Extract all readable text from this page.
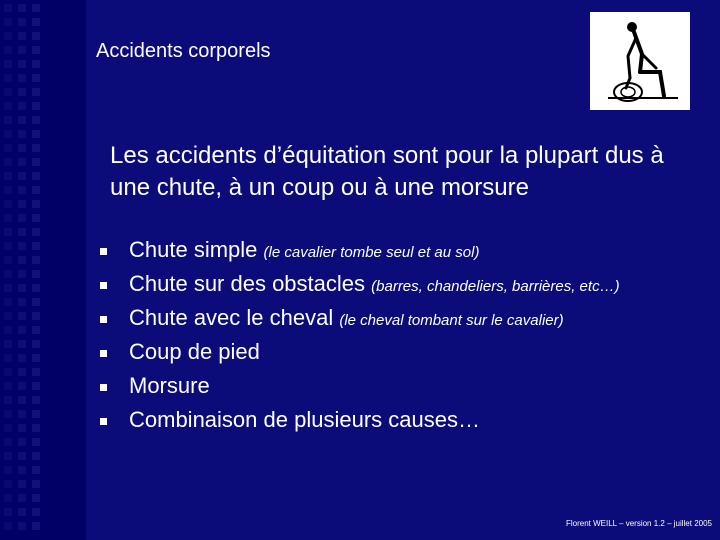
Accidents corporels

Les accidents d’équitation sont pour la plupart dus à une chute, à un coup ou à une morsure

Chute simple (le cavalier tombe seul et au sol)
Chute sur des obstacles (barres, chandeliers, barrières, etc…)
Chute avec le cheval (le cheval tombant sur le cavalier)
Coup de pied
Morsure
Combinaison de plusieurs causes…
Florent WEILL – version 1.2 – juillet 2005
